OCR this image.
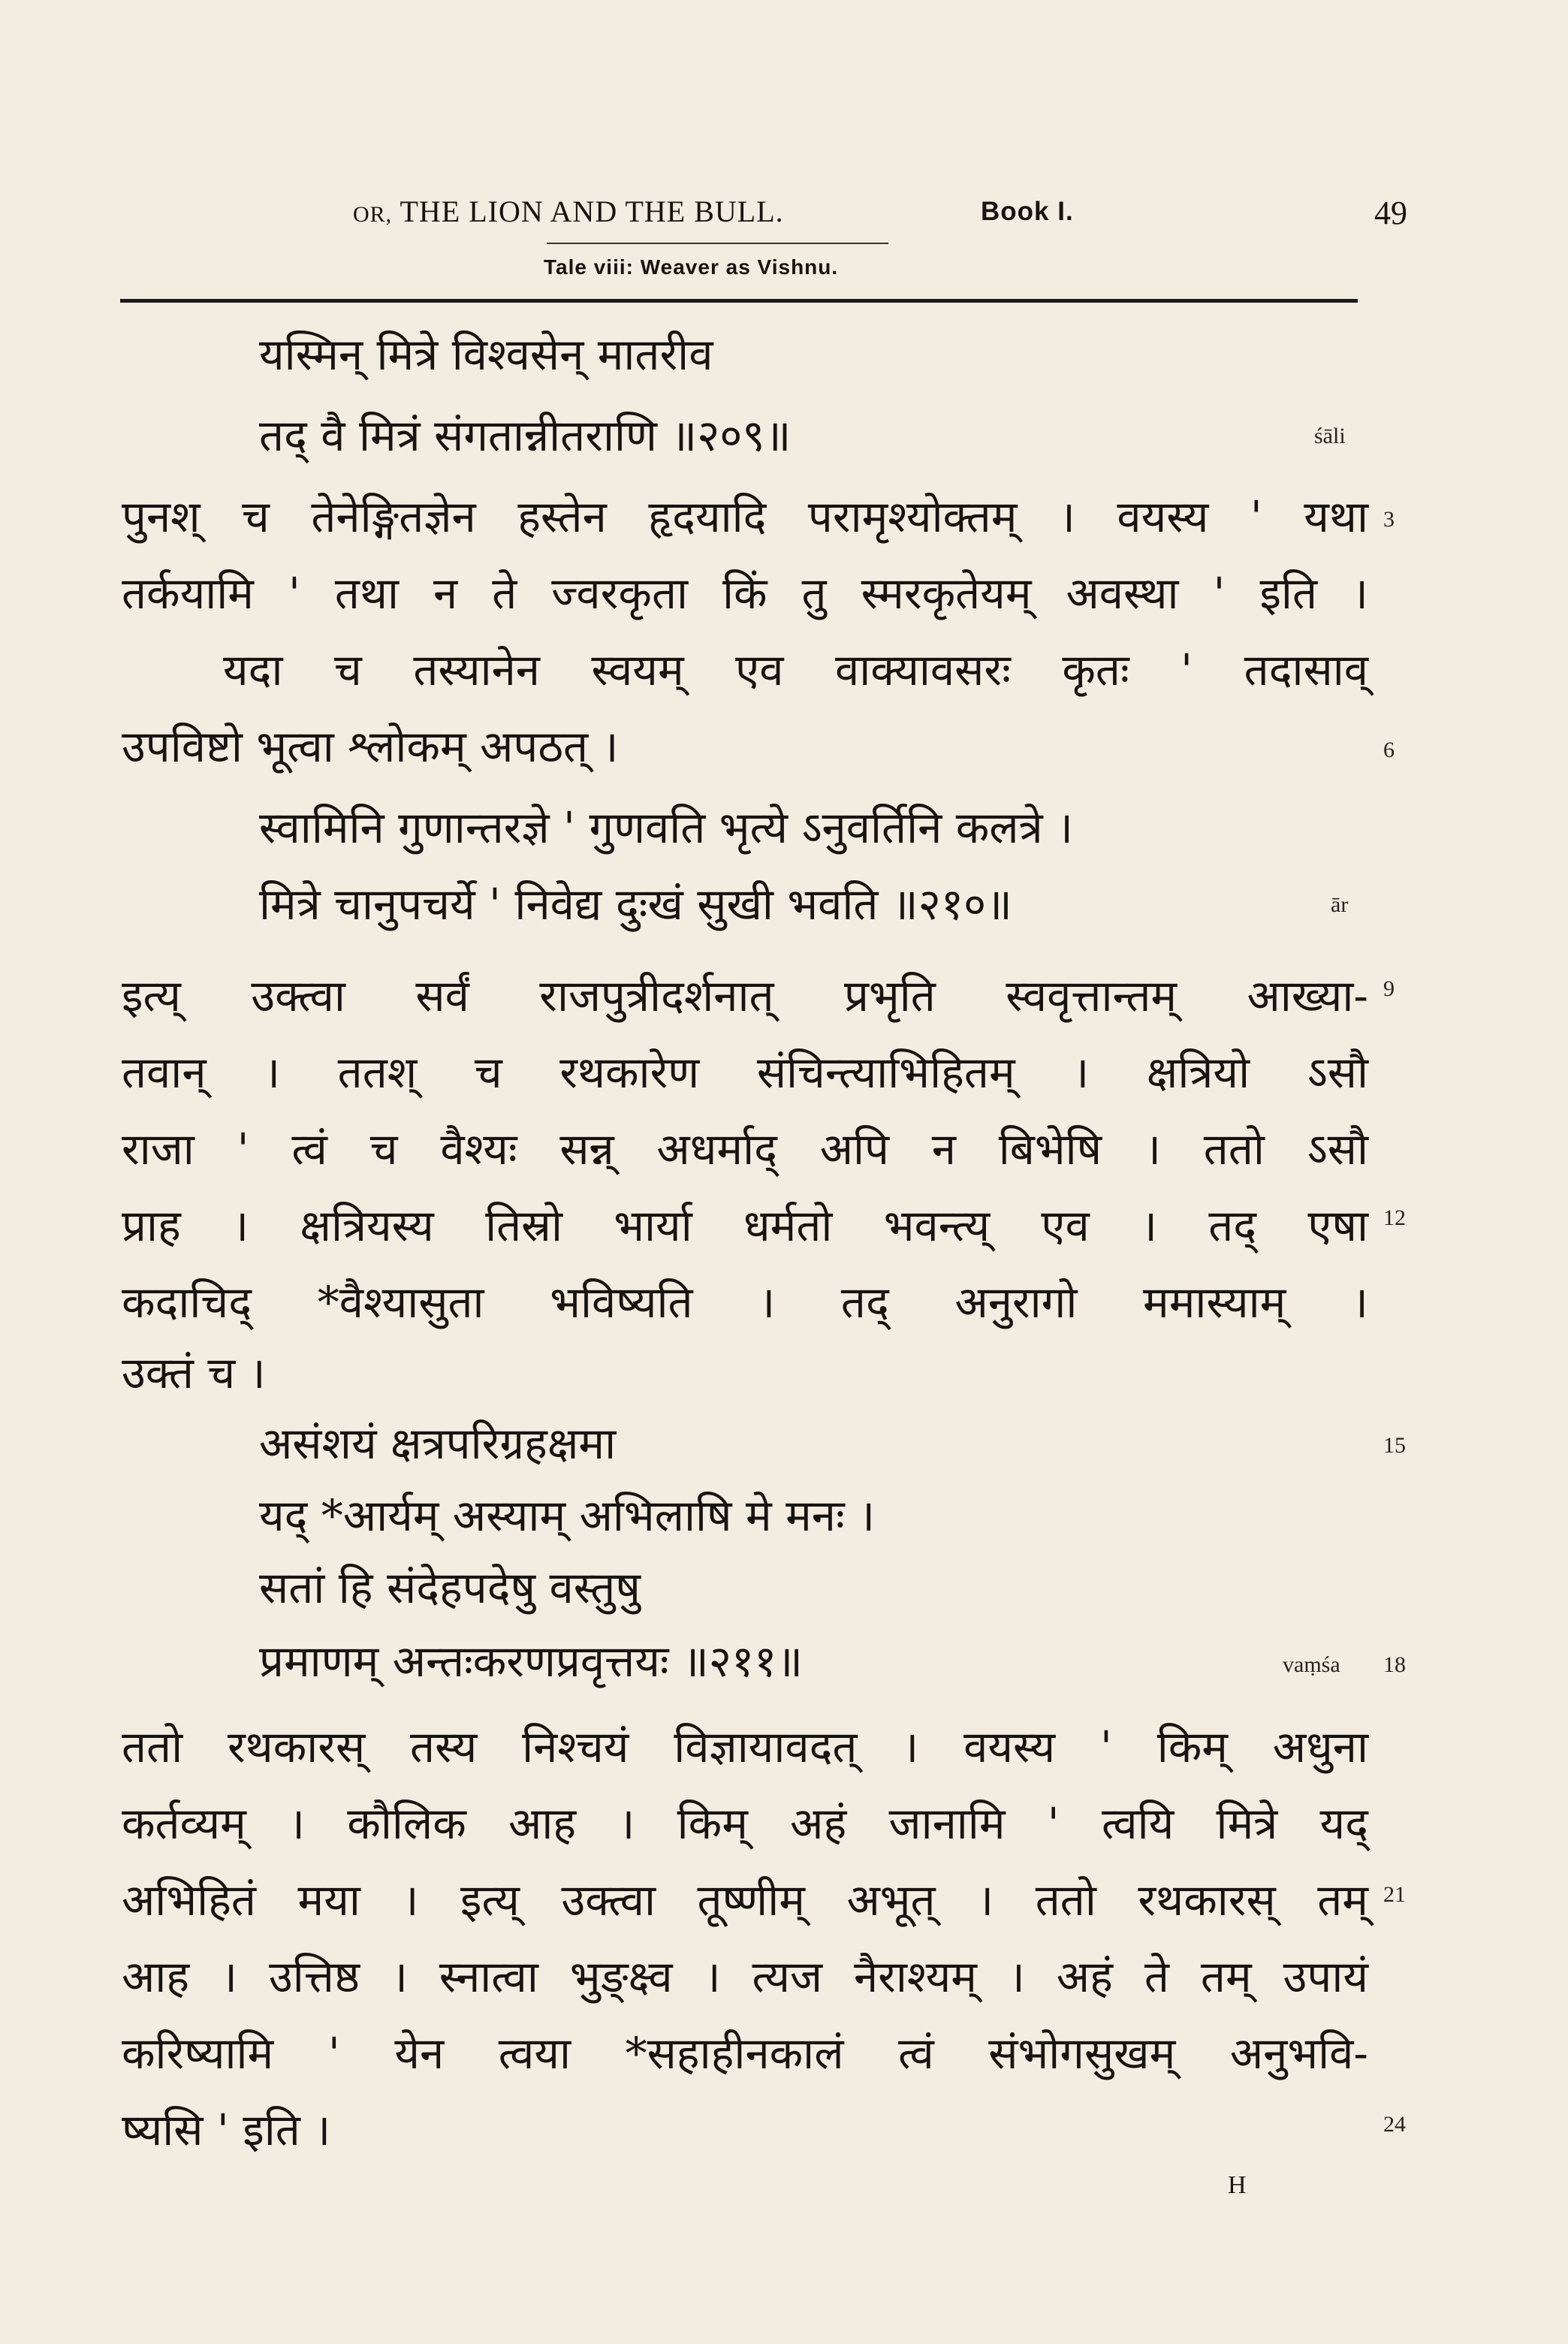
OR, THE LION AND THE BULL.	Book I.	49
Tale viii: Weaver as Vishnu.
यस्मिन् मित्रे विश्वसेन् मातरीव
तद् वै मित्रं संगतान्नीतराणि ॥२०९॥	śāli
पुनश् च तेनेङ्गितज्ञेन हस्तेन हृदयादि परामृश्योक्तम् । वयस्य ' यथा 3
तर्कयामि ' तथा न ते ज्वरकृता किं तु स्मरकृतेयम् अवस्था ' इति ।
यदा च तस्यानेन स्वयम् एव वाक्यावसरः कृतः ' तदासाव्
उपविष्टो भूत्वा श्लोकम् अपठत् ।	6
स्वामिनि गुणान्तरज्ञे ' गुणवति भृत्ये ऽनुवर्तिनि कलत्रे ।
मित्रे चानुपचर्ये ' निवेद्य दुःखं सुखी भवति ॥२१०॥	ār
इत्य् उक्त्वा सर्वं राजपुत्रीदर्शनात् प्रभृति स्ववृत्तान्तम् आख्या- 9
तवान् । ततश् च रथकारेण संचिन्त्याभिहितम् । क्षत्रियो ऽसौ
राजा ' त्वं च वैश्यः सन्न् अधर्माद् अपि न बिभेषि । ततो ऽसौ
प्राह । क्षत्रियस्य तिस्रो भार्या धर्मतो भवन्त्य् एव । तद् एषा 12
कदाचिद् *वैश्यासुता भविष्यति । तद् अनुरागो ममास्याम् ।
उक्तं च ।
असंशयं क्षत्रपरिग्रहक्षमा	15
यद् *आर्यम् अस्याम् अभिलाषि मे मनः ।
सतां हि संदेहपदेषु वस्तुषु
प्रमाणम् अन्तःकरणप्रवृत्तयः ॥२११॥	vaṃśa 18
ततो रथकारस् तस्य निश्चयं विज्ञायावदत् । वयस्य ' किम् अधुना
कर्तव्यम् । कौलिक आह । किम् अहं जानामि ' त्वयि मित्रे यद्
अभिहितं मया । इत्य् उक्त्वा तूष्णीम् अभूत् । ततो रथकारस् तम् 21
आह । उत्तिष्ठ । स्नात्वा भुङ्क्ष्व । त्यज नैराश्यम् । अहं ते तम् उपायं
करिष्यामि ' येन त्वया *सहाहीनकालं त्वं संभोगसुखम् अनुभवि-
ष्यसि ' इति ।	24
H
